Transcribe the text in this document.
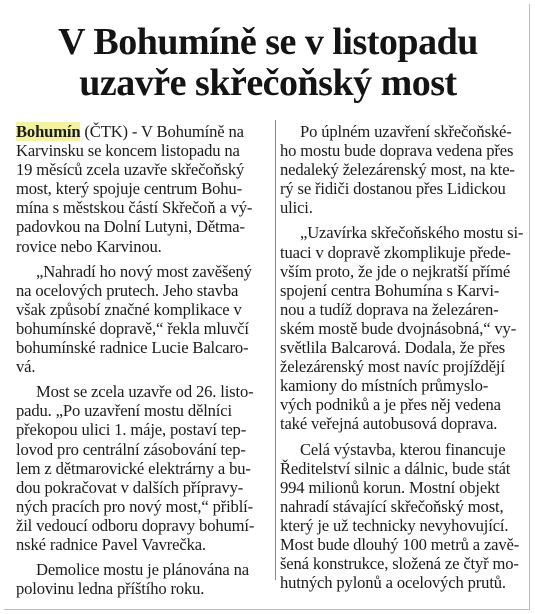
V Bohumíně se v listopadu
uzavře skřečoňský most
Bohumín (ČTK) - V Bohumíně na
Karvinsku se koncem listopadu na
19 měsíců zcela uzavře skřečoňský
most, který spojuje centrum Bohu-
mína s městskou částí Skřečoň a vý-
padovkou na Dolní Lutyni, Dětma-
rovice nebo Karvinou.
„Nahradí ho nový most zavěšený
na ocelových prutech. Jeho stavba
však způsobí značné komplikace v
bohumínské dopravě,“ řekla mluvčí
bohumínské radnice Lucie Balcaro-
vá.
Most se zcela uzavře od 26. listo-
padu. „Po uzavření mostu dělníci
překopou ulici 1. máje, postaví tep-
lovod pro centrální zásobování tep-
lem z dětmarovické elektrárny a bu-
dou pokračovat v dalších přípravy-
ných pracích pro nový most,“ přiblí-
žil vedoucí odboru dopravy bohumí-
nské radnice Pavel Vavrečka.
Demolice mostu je plánována na
polovinu ledna příštího roku.
Po úplném uzavření skřečoňské-
ho mostu bude doprava vedena přes
nedaleký železárenský most, na kte-
rý se řidiči dostanou přes Lidickou
ulici.
„Uzavírka skřečoňského mostu si-
tuaci v dopravě zkomplikuje přede-
vším proto, že jde o nejkratší přímé
spojení centra Bohumína s Karvi-
nou a tudíž doprava na železáren-
ském mostě bude dvojnásobná,“ vy-
světlila Balcarová. Dodala, že přes
železárenský most navíc projíždějí
kamiony do místních průmyslo-
vých podniků a je přes něj vedena
také veřejná autobusová doprava.
Celá výstavba, kterou financuje
Ředitelství silnic a dálnic, bude stát
994 milionů korun. Mostní objekt
nahradí stávající skřečoňský most,
který je už technicky nevyhovující.
Most bude dlouhý 100 metrů a zavě-
šená konstrukce, složená ze čtyř mo-
hutných pylonů a ocelových prutů.
